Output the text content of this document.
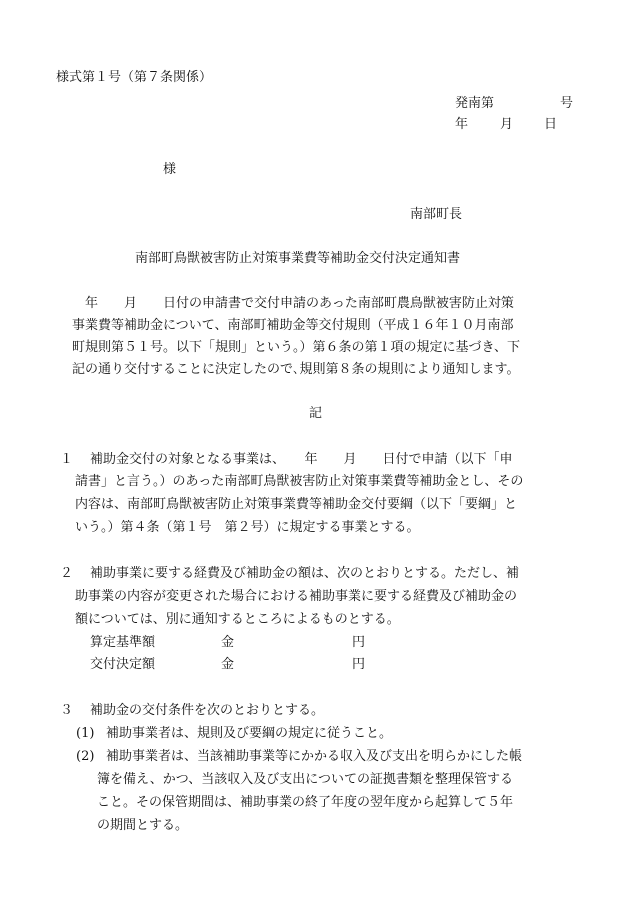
様式第１号（第７条関係）
発南第	号
年 月 日
様
南部町長
南部町鳥獣被害防止対策事業費等補助金交付決定通知書
　年　　月　　日付の申請書で交付申請のあった南部町農鳥獣被害防止対策
事業費等補助金について、南部町補助金等交付規則（平成１６年１０月南部
町規則第５１号。以下「規則」という。）第６条の第１項の規定に基づき、下
記の通り交付することに決定したので､規則第８条の規則により通知します。
記
１ 補助金交付の対象となる事業は、　　年　　月　　日付で申請（以下「申
請書」と言う。）のあった南部町鳥獣被害防止対策事業費等補助金とし、その
内容は、南部町鳥獣被害防止対策事業費等補助金交付要綱（以下「要綱」と
いう。）第４条（第１号　第２号）に規定する事業とする。
２ 補助事業に要する経費及び補助金の額は、次のとおりとする。ただし、補
助事業の内容が変更された場合における補助事業に要する経費及び補助金の
額については、別に通知するところによるものとする。
算定基準額	金	円
交付決定額	金	円
３ 補助金の交付条件を次のとおりとする。
(1) 補助事業者は、規則及び要綱の規定に従うこと。
(2) 補助事業者は、当該補助事業等にかかる収入及び支出を明らかにした帳
簿を備え、かつ、当該収入及び支出についての証拠書類を整理保管する
こと。その保管期間は、補助事業の終了年度の翌年度から起算して５年
の期間とする。
